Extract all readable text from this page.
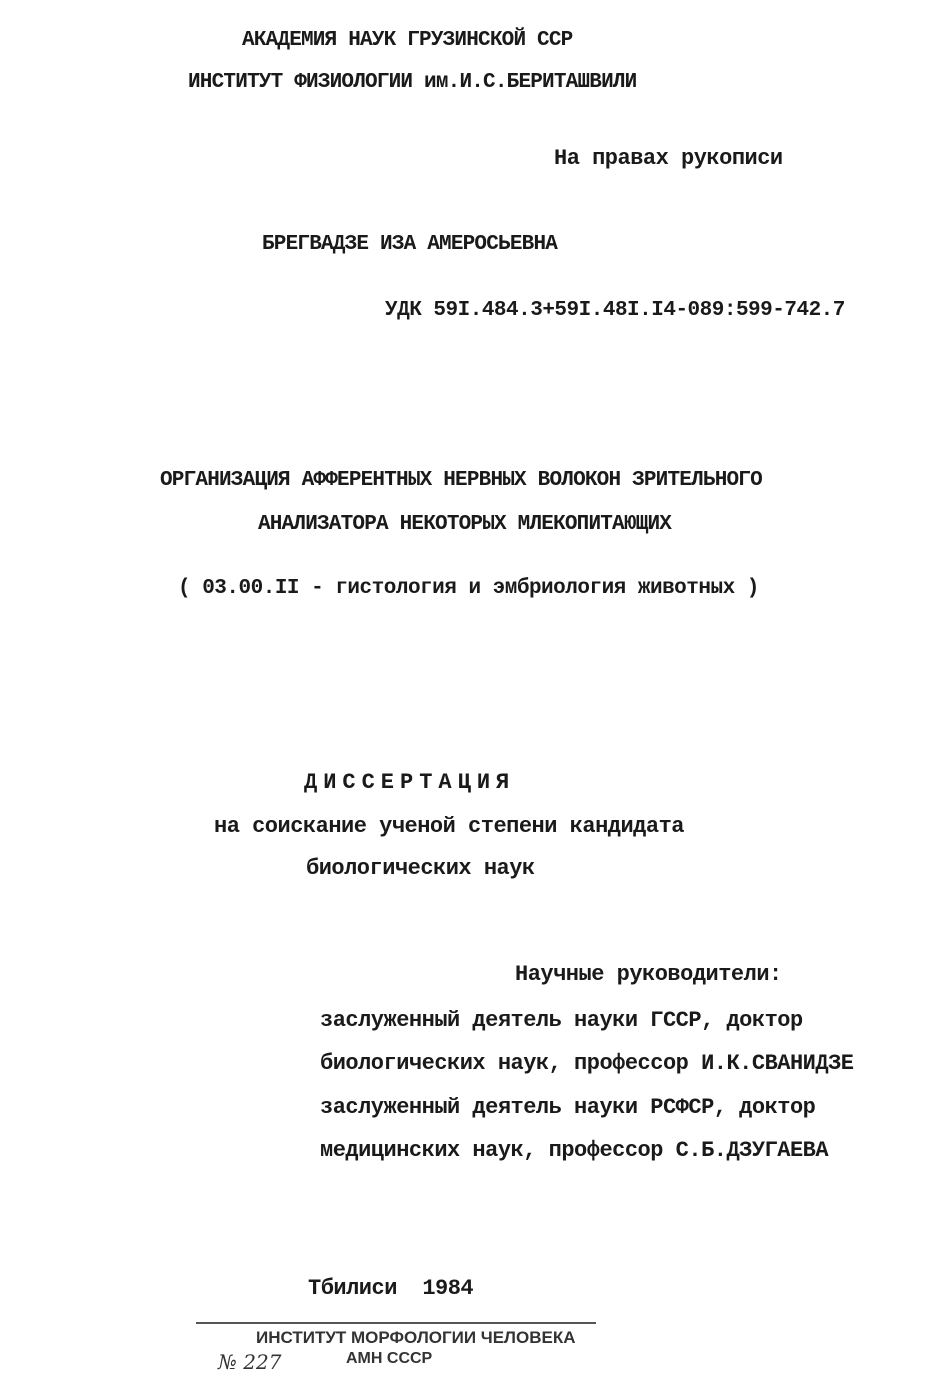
АКАДЕМИЯ НАУК ГРУЗИНСКОЙ ССР
ИНСТИТУТ ФИЗИОЛОГИИ им.И.С.БЕРИТАШВИЛИ
На правах рукописи
БРЕГВАДЗЕ ИЗА АМЕРОСЬЕВНА
УДК 59I.484.3+59I.48I.I4-089:599-742.7
ОРГАНИЗАЦИЯ АФФЕРЕНТНЫХ НЕРВНЫХ ВОЛОКОН ЗРИТЕЛЬНОГО
АНАЛИЗАТОРА НЕКОТОРЫХ МЛЕКОПИТАЮЩИХ
( 03.00.II - гистология и эмбриология животных )
ДИССЕРТАЦИЯ
на соискание ученой степени кандидата
биологических наук
Научные руководители:
заслуженный деятель науки ГССР, доктор
биологических наук, профессор И.К.СВАНИДЗЕ
заслуженный деятель науки РСФСР, доктор
медицинских наук, профессор С.Б.ДЗУГАЕВА
Тбилиси  1984
ИНСТИТУТ МОРФОЛОГИИ ЧЕЛОВЕКА
№ 227	АМН СССР
